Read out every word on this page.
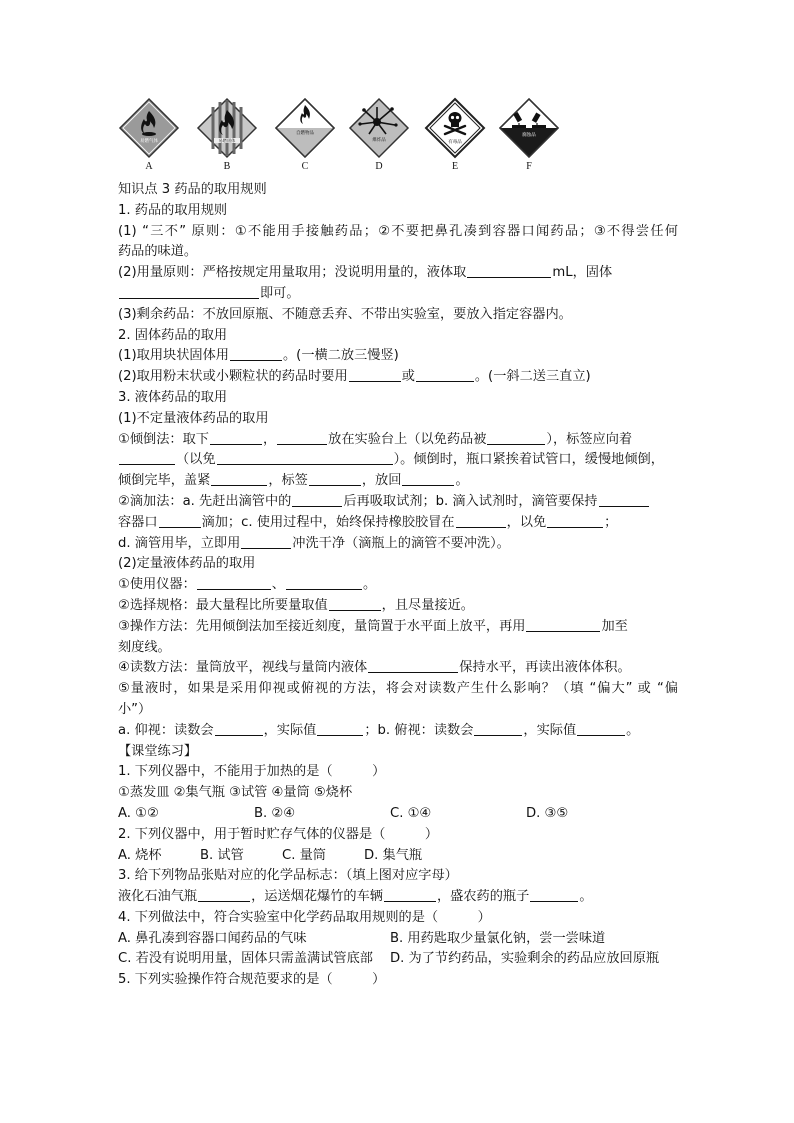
易燃气体
A
易燃固体
B
自燃物品
C
爆炸品
D
有毒品
E
腐蚀品
F
知识点 3 药品的取用规则
1. 药品的取用规则
(1) “三不” 原则：①不能用手接触药品；②不要把鼻孔凑到容器口闻药品；③不得尝任何
药品的味道。
(2)用量原则：严格按规定用量取用；没说明用量的，液体取	mL，固体
即可。
(3)剩余药品：不放回原瓶、不随意丢弃、不带出实验室，要放入指定容器内。
2. 固体药品的取用
(1)取用块状固体用	。(一横二放三慢竖)
(2)取用粉末状或小颗粒状的药品时要用	或	。(一斜二送三直立)
3. 液体药品的取用
(1)不定量液体药品的取用
①倾倒法：取下	，	放在实验台上（以免药品被	），标签应向着
（以免	）。倾倒时，瓶口紧挨着试管口，缓慢地倾倒，
倾倒完毕，盖紧	，标签	，放回	。
②滴加法：a. 先赶出滴管中的	后再吸取试剂；b. 滴入试剂时，滴管要保持
容器口	滴加；c. 使用过程中，始终保持橡胶胶冒在	，以免	；
d. 滴管用毕，立即用	冲洗干净（滴瓶上的滴管不要冲洗）。
(2)定量液体药品的取用
①使用仪器：	、	。
②选择规格：最大量程比所要量取值	，且尽量接近。
③操作方法：先用倾倒法加至接近刻度，量筒置于水平面上放平，再用	加至
刻度线。
④读数方法：量筒放平，视线与量筒内液体	保持水平，再读出液体体积。
⑤量液时，如果是采用仰视或俯视的方法，将会对读数产生什么影响？（填 “偏大” 或 “偏
小”）
a. 仰视：读数会	，实际值	；b. 俯视：读数会	，实际值	。
【课堂练习】
1. 下列仪器中，不能用于加热的是（　　　）
①蒸发皿 ②集气瓶 ③试管 ④量筒 ⑤烧杯
A. ①②	B. ②④	C. ①④	D. ③⑤
2. 下列仪器中，用于暂时贮存气体的仪器是（　　　）
A. 烧杯	B. 试管	C. 量筒	D. 集气瓶
3. 给下列物品张贴对应的化学品标志：（填上图对应字母）
液化石油气瓶	，运送烟花爆竹的车辆	，盛农药的瓶子	。
4. 下列做法中，符合实验室中化学药品取用规则的是（　　　）
A. 鼻孔凑到容器口闻药品的气味	B. 用药匙取少量氯化钠，尝一尝味道
C. 若没有说明用量，固体只需盖满试管底部 D. 为了节约药品，实验剩余的药品应放回原瓶
5. 下列实验操作符合规范要求的是（　　　）
